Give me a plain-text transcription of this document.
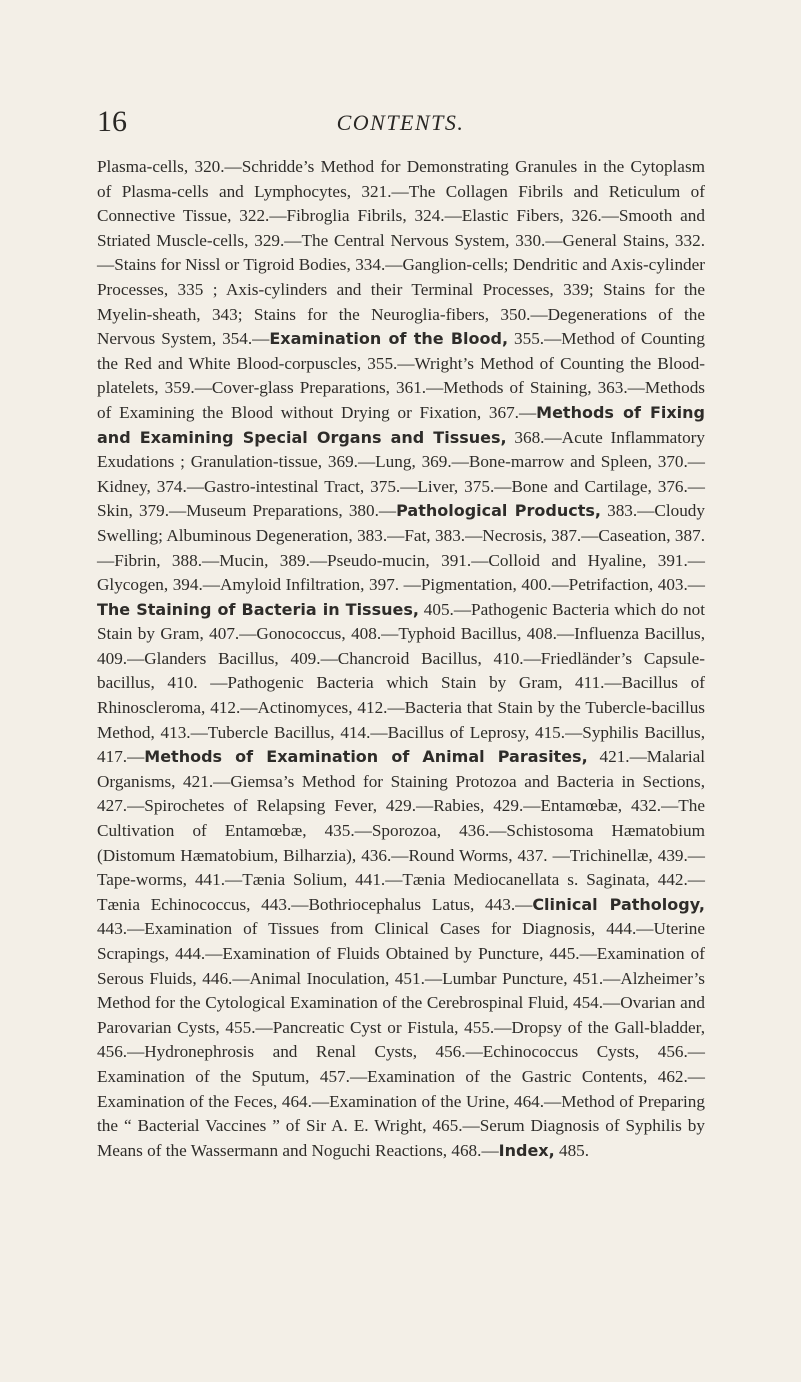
16	CONTENTS.
Plasma-cells, 320.—Schridde’s Method for Demonstrating Granules in the Cytoplasm of Plasma-cells and Lymphocytes, 321.—The Collagen Fibrils and Reticulum of Connective Tissue, 322.—Fibroglia Fibrils, 324.—Elastic Fibers, 326.—Smooth and Striated Muscle-cells, 329.—The Central Nervous System, 330.—General Stains, 332.—Stains for Nissl or Tigroid Bodies, 334.—Ganglion-cells; Dendritic and Axis-cylinder Processes, 335 ; Axis-cylinders and their Terminal Processes, 339; Stains for the Myelin-sheath, 343; Stains for the Neuroglia-fibers, 350.—Degenerations of the Nervous System, 354.—Examination of the Blood, 355.—Method of Counting the Red and White Blood-corpuscles, 355.—Wright’s Method of Counting the Blood-platelets, 359.—Cover-glass Preparations, 361.—Methods of Staining, 363.—Methods of Examining the Blood without Drying or Fixation, 367.—Methods of Fixing and Examining Special Organs and Tissues, 368.—Acute Inflammatory Exudations ; Granulation-tissue, 369.—Lung, 369.—Bone-marrow and Spleen, 370.—Kidney, 374.—Gastro-intestinal Tract, 375.—Liver, 375.—Bone and Cartilage, 376.—Skin, 379.—Museum Preparations, 380.—Pathological Products, 383.—Cloudy Swelling; Albuminous Degeneration, 383.—Fat, 383.—Necrosis, 387.—Caseation, 387.—Fibrin, 388.—Mucin, 389.—Pseudo-mucin, 391.—Colloid and Hyaline, 391.—Glycogen, 394.—Amyloid Infiltration, 397. —Pigmentation, 400.—Petrifaction, 403.—The Staining of Bacteria in Tissues, 405.—Pathogenic Bacteria which do not Stain by Gram, 407.—Gonococcus, 408.—Typhoid Bacillus, 408.—Influenza Bacillus, 409.—Glanders Bacillus, 409.—Chancroid Bacillus, 410.—Friedländer’s Capsule-bacillus, 410. —Pathogenic Bacteria which Stain by Gram, 411.—Bacillus of Rhinoscleroma, 412.—Actinomyces, 412.—Bacteria that Stain by the Tubercle-bacillus Method, 413.—Tubercle Bacillus, 414.—Bacillus of Leprosy, 415.—Syphilis Bacillus, 417.—Methods of Examination of Animal Parasites, 421.—Malarial Organisms, 421.—Giemsa’s Method for Staining Protozoa and Bacteria in Sections, 427.—Spirochetes of Relapsing Fever, 429.—Rabies, 429.—Entamœbæ, 432.—The Cultivation of Entamœbæ, 435.—Sporozoa, 436.—Schistosoma Hæmatobium (Distomum Hæmatobium, Bilharzia), 436.—Round Worms, 437. —Trichinellæ, 439.—Tape-worms, 441.—Tænia Solium, 441.—Tænia Mediocanellata s. Saginata, 442.—Tænia Echinococcus, 443.—Bothriocephalus Latus, 443.—Clinical Pathology, 443.—Examination of Tissues from Clinical Cases for Diagnosis, 444.—Uterine Scrapings, 444.—Examination of Fluids Obtained by Puncture, 445.—Examination of Serous Fluids, 446.—Animal Inoculation, 451.—Lumbar Puncture, 451.—Alzheimer’s Method for the Cytological Examination of the Cerebrospinal Fluid, 454.—Ovarian and Parovarian Cysts, 455.—Pancreatic Cyst or Fistula, 455.—Dropsy of the Gall-bladder, 456.—Hydronephrosis and Renal Cysts, 456.—Echinococcus Cysts, 456.—Examination of the Sputum, 457.—Examination of the Gastric Contents, 462.—Examination of the Feces, 464.—Examination of the Urine, 464.—Method of Preparing the “ Bacterial Vaccines ” of Sir A. E. Wright, 465.—Serum Diagnosis of Syphilis by Means of the Wassermann and Noguchi Reactions, 468.—Index, 485.
